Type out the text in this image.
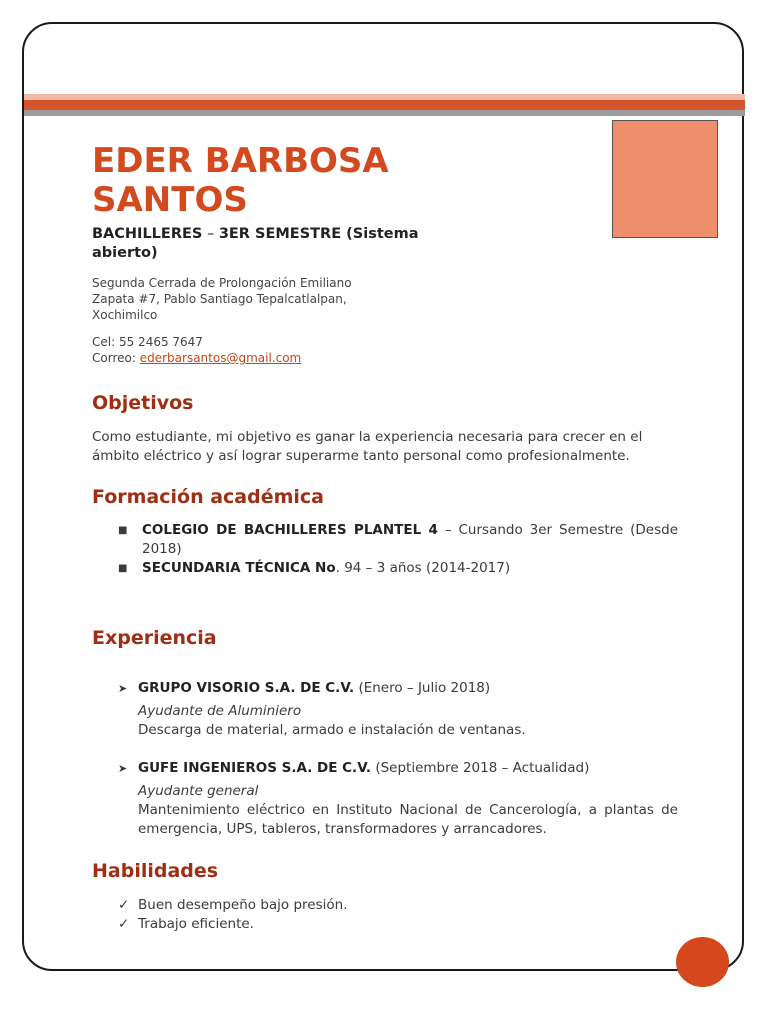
EDER BARBOSA SANTOS

BACHILLERES – 3ER SEMESTRE (Sistema abierto)

Segunda Cerrada de Prolongación Emiliano
Zapata #7, Pablo Santiago Tepalcatlalpan,
Xochimilco
Cel: 55 2465 7647
Correo: ederbarsantos@gmail.com
Objetivos

Como estudiante, mi objetivo es ganar la experiencia necesaria para crecer en el ámbito eléctrico y así lograr superarme tanto personal como profesionalmente.

Formación académica
■ COLEGIO DE BACHILLERES PLANTEL 4 – Cursando 3er Semestre (Desde 2018)
■ SECUNDARIA TÉCNICA No. 94 – 3 años (2014-2017)
Experiencia
➤ GRUPO VISORIO S.A. DE C.V. (Enero – Julio 2018)
Ayudante de Aluminiero
Descarga de material, armado e instalación de ventanas.
➤ GUFE INGENIEROS S.A. DE C.V. (Septiembre 2018 – Actualidad)
Ayudante general
Mantenimiento eléctrico en Instituto Nacional de Cancerología, a plantas de emergencia, UPS, tableros, transformadores y arrancadores.
Habilidades
✓ Buen desempeño bajo presión.
✓ Trabajo eficiente.
